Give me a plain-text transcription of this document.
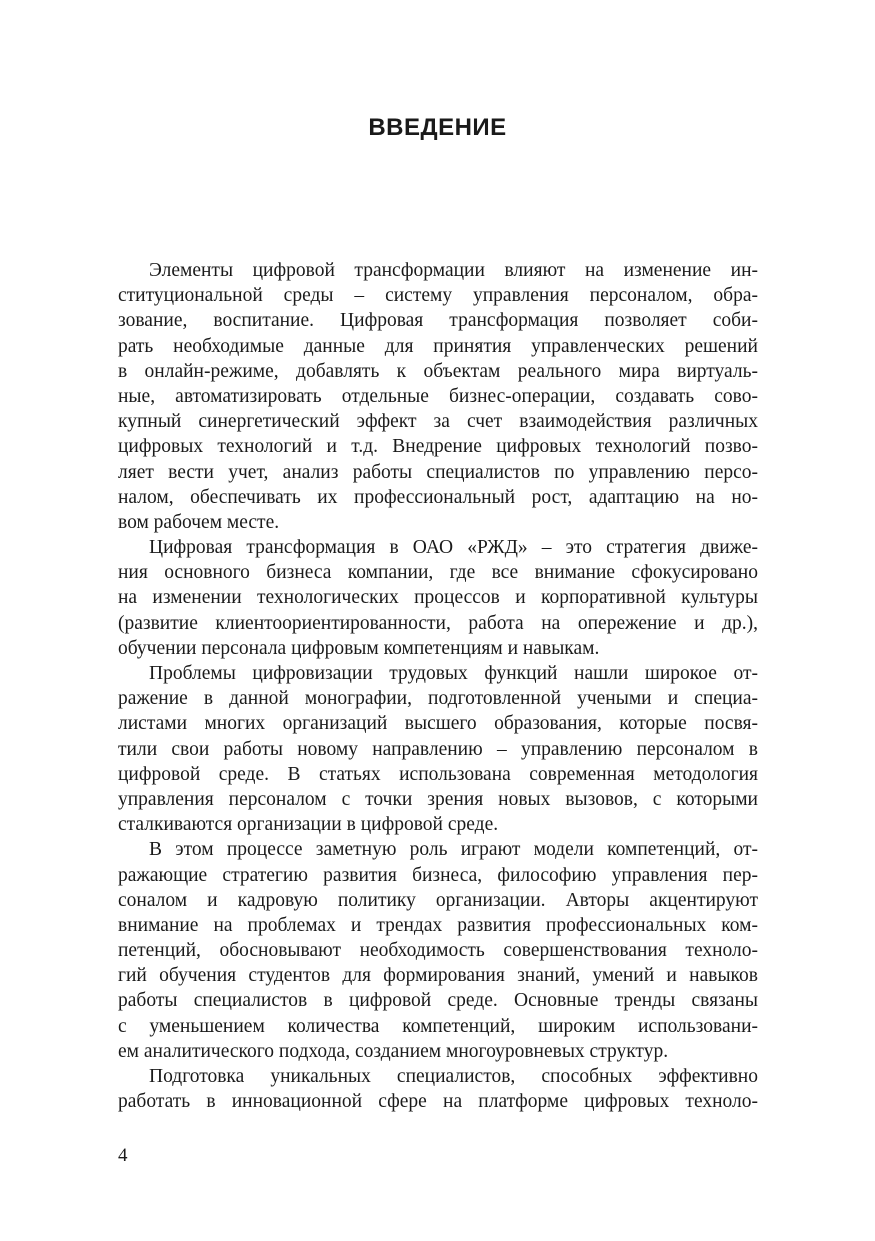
ВВЕДЕНИЕ
Элементы цифровой трансформации влияют на изменение ин-
ституциональной среды – систему управления персоналом, обра-
зование, воспитание. Цифровая трансформация позволяет соби-
рать необходимые данные для принятия управленческих решений
в онлайн-режиме, добавлять к объектам реального мира виртуаль-
ные, автоматизировать отдельные бизнес-операции, создавать сово-
купный синергетический эффект за счет взаимодействия различных
цифровых технологий и т.д. Внедрение цифровых технологий позво-
ляет вести учет, анализ работы специалистов по управлению персо-
налом, обеспечивать их профессиональный рост, адаптацию на но-
вом рабочем месте.
Цифровая трансформация в ОАО «РЖД» – это стратегия движе-
ния основного бизнеса компании, где все внимание сфокусировано
на изменении технологических процессов и корпоративной культуры
(развитие клиентоориентированности, работа на опережение и др.),
обучении персонала цифровым компетенциям и навыкам.
Проблемы цифровизации трудовых функций нашли широкое от-
ражение в данной монографии, подготовленной учеными и специа-
листами многих организаций высшего образования, которые посвя-
тили свои работы новому направлению – управлению персоналом в
цифровой среде. В статьях использована современная методология
управления персоналом с точки зрения новых вызовов, с которыми
сталкиваются организации в цифровой среде.
В этом процессе заметную роль играют модели компетенций, от-
ражающие стратегию развития бизнеса, философию управления пер-
соналом и кадровую политику организации. Авторы акцентируют
внимание на проблемах и трендах развития профессиональных ком-
петенций, обосновывают необходимость совершенствования техноло-
гий обучения студентов для формирования знаний, умений и навыков
работы специалистов в цифровой среде. Основные тренды связаны
с уменьшением количества компетенций, широким использовани-
ем аналитического подхода, созданием многоуровневых структур.
Подготовка уникальных специалистов, способных эффективно
работать в инновационной сфере на платформе цифровых техноло-
4
